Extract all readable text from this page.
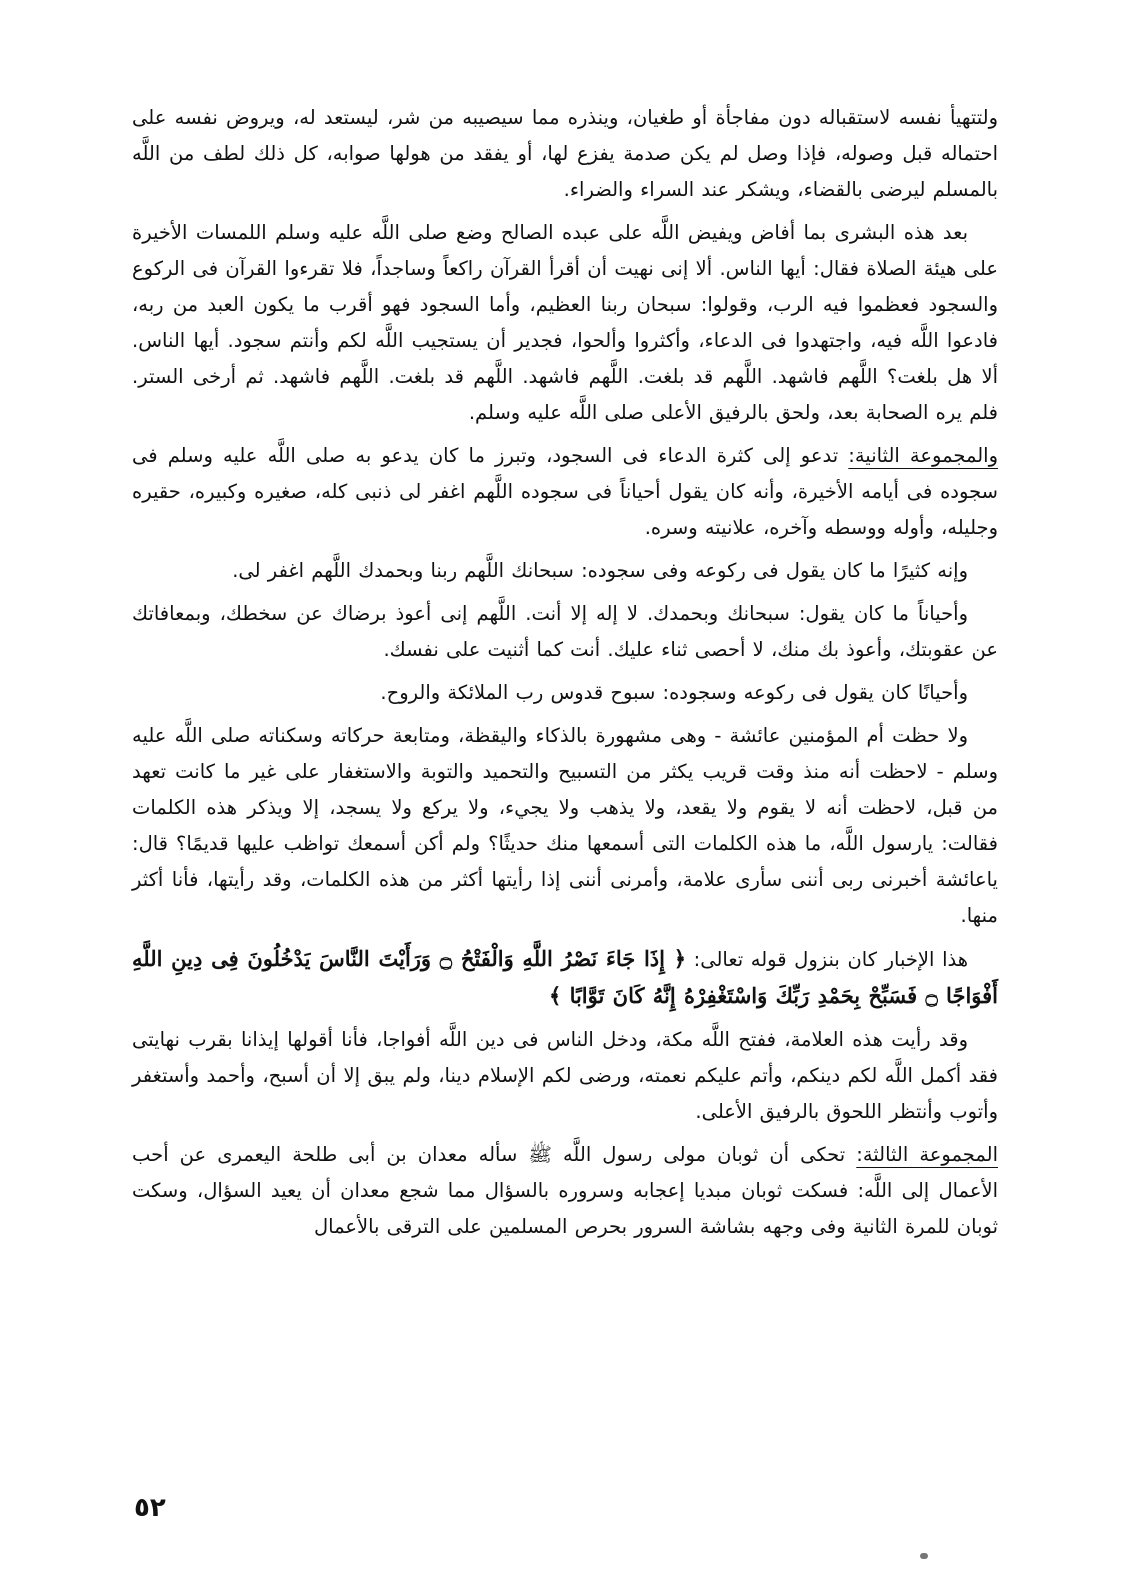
ولتتهيأ نفسه لاستقباله دون مفاجأة أو طغيان، وينذره مما سيصيبه من شر، ليستعد له، ويروض نفسه على احتماله قبل وصوله، فإذا وصل لم يكن صدمة يفزع لها، أو يفقد من هولها صوابه، كل ذلك لطف من اللَّه بالمسلم ليرضى بالقضاء، ويشكر عند السراء والضراء.

بعد هذه البشرى بما أفاض ويفيض اللَّه على عبده الصالح وضع صلى اللَّه عليه وسلم اللمسات الأخيرة على هيئة الصلاة فقال: أيها الناس. ألا إنى نهيت أن أقرأ القرآن راكعاً وساجداً، فلا تقرءوا القرآن فى الركوع والسجود فعظموا فيه الرب، وقولوا: سبحان ربنا العظيم، وأما السجود فهو أقرب ما يكون العبد من ربه، فادعوا اللَّه فيه، واجتهدوا فى الدعاء، وأكثروا وألحوا، فجدير أن يستجيب اللَّه لكم وأنتم سجود. أيها الناس. ألا هل بلغت؟ اللَّهم فاشهد. اللَّهم قد بلغت. اللَّهم فاشهد. اللَّهم قد بلغت. اللَّهم فاشهد. ثم أرخى الستر. فلم يره الصحابة بعد، ولحق بالرفيق الأعلى صلى اللَّه عليه وسلم.

والمجموعة الثانية: تدعو إلى كثرة الدعاء فى السجود، وتبرز ما كان يدعو به صلى اللَّه عليه وسلم فى سجوده فى أيامه الأخيرة، وأنه كان يقول أحياناً فى سجوده اللَّهم اغفر لى ذنبى كله، صغيره وكبيره، حقيره وجليله، وأوله ووسطه وآخره، علانيته وسره.

وإنه كثيرًا ما كان يقول فى ركوعه وفى سجوده: سبحانك اللَّهم ربنا وبحمدك اللَّهم اغفر لى.

وأحياناً ما كان يقول: سبحانك وبحمدك. لا إله إلا أنت. اللَّهم إنى أعوذ برضاك عن سخطك، وبمعافاتك عن عقوبتك، وأعوذ بك منك، لا أحصى ثناء عليك. أنت كما أثنيت على نفسك.

وأحيانًا كان يقول فى ركوعه وسجوده: سبوح قدوس رب الملائكة والروح.

ولا حظت أم المؤمنين عائشة - وهى مشهورة بالذكاء واليقظة، ومتابعة حركاته وسكناته صلى اللَّه عليه وسلم - لاحظت أنه منذ وقت قريب يكثر من التسبيح والتحميد والتوبة والاستغفار على غير ما كانت تعهد من قبل، لاحظت أنه لا يقوم ولا يقعد، ولا يذهب ولا يجيء، ولا يركع ولا يسجد، إلا ويذكر هذه الكلمات فقالت: يارسول اللَّه، ما هذه الكلمات التى أسمعها منك حديثًا؟ ولم أكن أسمعك تواظب عليها قديمًا؟ قال: ياعائشة أخبرنى ربى أننى سأرى علامة، وأمرنى أننى إذا رأيتها أكثر من هذه الكلمات، وقد رأيتها، فأنا أكثر منها.

هذا الإخبار كان بنزول قوله تعالى: ﴿ إِذَا جَاءَ نَصْرُ اللَّهِ وَالْفَتْحُ ۝ وَرَأَيْتَ النَّاسَ يَدْخُلُونَ فِى دِينِ اللَّهِ أَفْوَاجًا ۝ فَسَبِّحْ بِحَمْدِ رَبِّكَ وَاسْتَغْفِرْهُ إِنَّهُ كَانَ تَوَّابًا ﴾

وقد رأيت هذه العلامة، ففتح اللَّه مكة، ودخل الناس فى دين اللَّه أفواجا، فأنا أقولها إيذانا بقرب نهايتى فقد أكمل اللَّه لكم دينكم، وأتم عليكم نعمته، ورضى لكم الإسلام دينا، ولم يبق إلا أن أسبح، وأحمد وأستغفر وأتوب وأنتظر اللحوق بالرفيق الأعلى.

المجموعة الثالثة: تحكى أن ثوبان مولى رسول اللَّه ﷺ سأله معدان بن أبى طلحة اليعمرى عن أحب الأعمال إلى اللَّه: فسكت ثوبان مبديا إعجابه وسروره بالسؤال مما شجع معدان أن يعيد السؤال، وسكت ثوبان للمرة الثانية وفى وجهه بشاشة السرور بحرص المسلمين على الترقى بالأعمال

٥٢
